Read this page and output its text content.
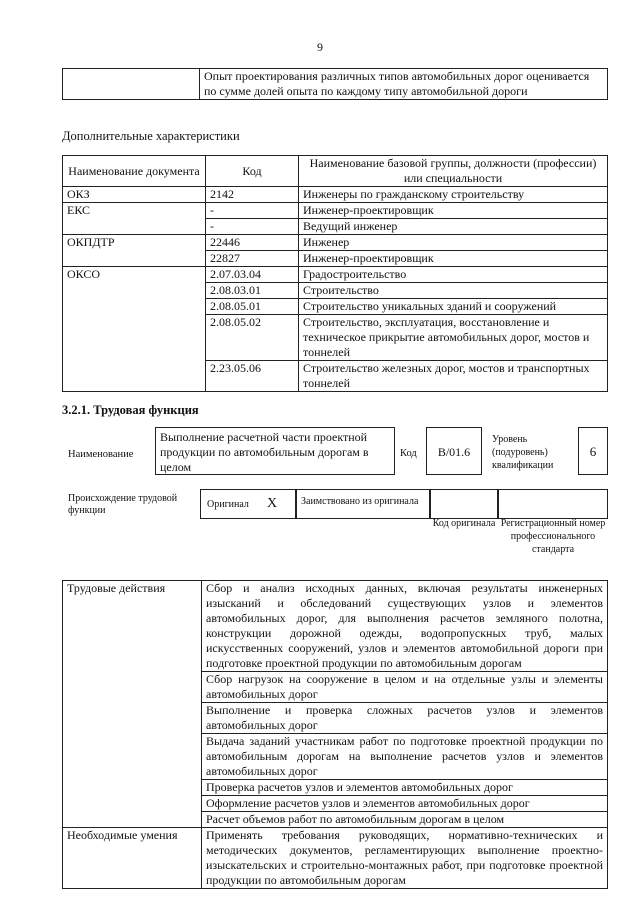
9
	Опыт проектирования различных типов автомобильных дорог оценивается по сумме долей опыта по каждому типу автомобильной дороги
Дополнительные характеристики
Наименование документа	Код	Наименование базовой группы, должности (профессии) или специальности
ОКЗ	2142	Инженеры по гражданскому строительству
ЕКС	-	Инженер-проектировщик
	-	Ведущий инженер
ОКПДТР	22446	Инженер
	22827	Инженер-проектировщик
ОКСО	2.07.03.04	Градостроительство
	2.08.03.01	Строительство
	2.08.05.01	Строительство уникальных зданий и сооружений
	2.08.05.02	Строительство, эксплуатация, восстановление и техническое прикрытие автомобильных дорог, мостов и тоннелей
	2.23.05.06	Строительство железных дорог, мостов и транспортных тоннелей
3.2.1. Трудовая функция
Наименование
Выполнение расчетной части проектной продукции по автомобильным дорогам в целом
Код	B/01.6
Уровень (подуровень) квалификации
6
Происхождение трудовой функции
Оригинал X	Заимствовано из оригинала
Код оригинала Регистрационный номер профессионального стандарта
Трудовые действия	Сбор и анализ исходных данных, включая результаты инженерных изысканий и обследований существующих узлов и элементов автомобильных дорог, для выполнения расчетов земляного полотна, конструкции дорожной одежды, водопропускных труб, малых искусственных сооружений, узлов и элементов автомобильной дороги при подготовке проектной продукции по автомобильным дорогам
	Сбор нагрузок на сооружение в целом и на отдельные узлы и элементы автомобильных дорог
	Выполнение и проверка сложных расчетов узлов и элементов автомобильных дорог
	Выдача заданий участникам работ по подготовке проектной продукции по автомобильным дорогам на выполнение расчетов узлов и элементов автомобильных дорог
	Проверка расчетов узлов и элементов автомобильных дорог
	Оформление расчетов узлов и элементов автомобильных дорог
	Расчет объемов работ по автомобильным дорогам в целом
Необходимые умения	Применять требования руководящих, нормативно-технических и методических документов, регламентирующих выполнение проектно-изыскательских и строительно-монтажных работ, при подготовке проектной продукции по автомобильным дорогам
